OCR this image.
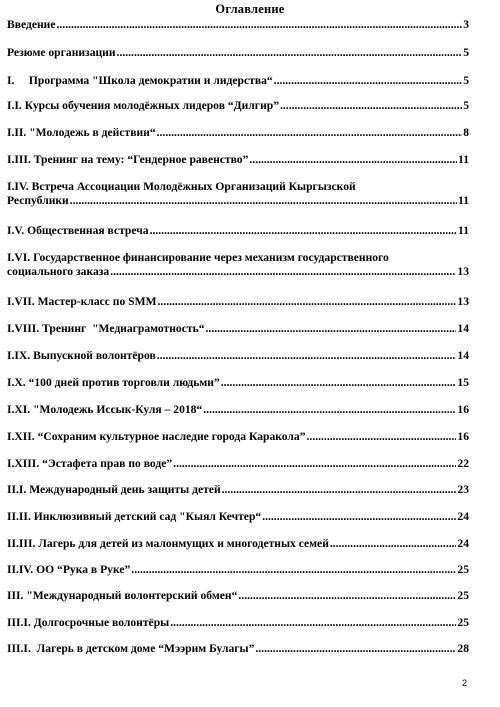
Оглавление
Введение .....	3
Резюме организации .....	5
I.     Программа "Школа демократии и лидерства“ .....	5
I.I. Курсы обучения молодёжных лидеров “Дилгир” .....	5
I.II. "Молодежь в действии“ .....	8
I.III. Тренинг на тему: “Гендерное равенство” .....	11
I.IV. Встреча Ассоциации Молодёжных Организаций Кыргызской
Республики .....	11
I.V. Общественная встреча .....	11
I.VI. Государственное финансирование через механизм государственного
социального заказа .....	13
I.VII. Мастер-класс по SMM .....	13
I.VIII. Тренинг  "Медиаграмотность“ .....	14
I.IX. Выпускной волонтёров .....	14
I.X. “100 дней против торговли людьми” .....	15
I.XI. "Молодежь Иссык-Куля – 2018“ .....	16
I.XII. “Сохраним культурное наследие города Каракола” .....	16
I.XIII. “Эстафета прав по воде” .....	22
II.I. Международный день защиты детей .....	23
II.II. Инклюзивный детский сад "Кыял Кечтер“ .....	24
II.III. Лагерь для детей из малонмущих и многодетных семей .....	24
II.IV. ОО “Рука в Руке” .....	25
III. "Международный волонтерский обмен“ .....	25
III.I. Долгосрочные волонтёры .....	25
III.I.  Лагерь в детском доме “Мээрим Булагы” .....	28
2
